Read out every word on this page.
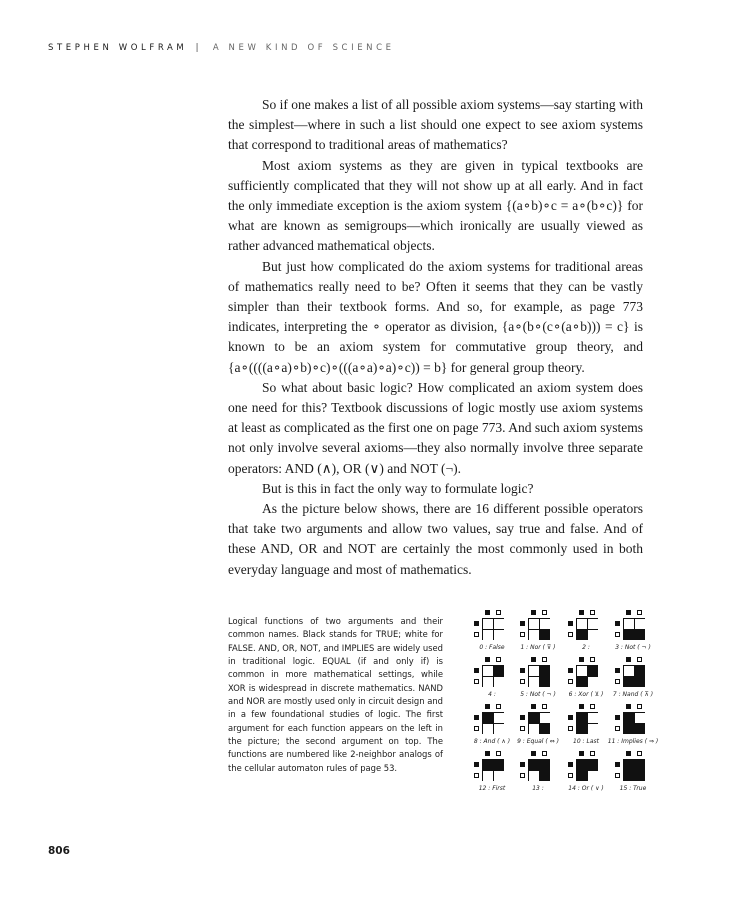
STEPHEN WOLFRAM | A NEW KIND OF SCIENCE

So if one makes a list of all possible axiom systems—say starting with the simplest—where in such a list should one expect to see axiom systems that correspond to traditional areas of mathematics?

Most axiom systems as they are given in typical textbooks are sufficiently complicated that they will not show up at all early. And in fact the only immediate exception is the axiom system {(a∘b)∘c = a∘(b∘c)} for what are known as semigroups—which ironically are usually viewed as rather advanced mathematical objects.

But just how complicated do the axiom systems for traditional areas of mathematics really need to be? Often it seems that they can be vastly simpler than their textbook forms. And so, for example, as page 773 indicates, interpreting the ∘ operator as division, {a∘(b∘(c∘(a∘b))) = c} is known to be an axiom system for commutative group theory, and {a∘((((a∘a)∘b)∘c)∘(((a∘a)∘a)∘c)) = b} for general group theory.

So what about basic logic? How complicated an axiom system does one need for this? Textbook discussions of logic mostly use axiom systems at least as complicated as the first one on page 773. And such axiom systems not only involve several axioms—they also normally involve three separate operators: AND (∧), OR (∨) and NOT (¬).

But is this in fact the only way to formulate logic?

As the picture below shows, there are 16 different possible operators that take two arguments and allow two values, say true and false. And of these AND, OR and NOT are certainly the most commonly used in both everyday language and most of mathematics.

Logical functions of two arguments and their common names. Black stands for TRUE; white for FALSE. AND, OR, NOT, and IMPLIES are widely used in traditional logic. EQUAL (if and only if) is common in more mathematical settings, while XOR is widespread in discrete mathematics. NAND and NOR are mostly used only in circuit design and in a few foundational studies of logic. The first argument for each function appears on the left in the picture; the second argument on top. The functions are numbered like 2-neighbor analogs of the cellular automaton rules of page 53.
0 : False	1 : Nor ( ⊽ )	2 :	3 : Not ( ¬ )
4 :	5 : Not ( ¬ )	6 : Xor ( ⊻ )	7 : Nand ( ⊼ )
8 : And ( ∧ )	9 : Equal ( ⇔ )	10 : Last	11 : Implies ( ⇒ )
12 : First	13 :	14 : Or ( ∨ )	15 : True
806
